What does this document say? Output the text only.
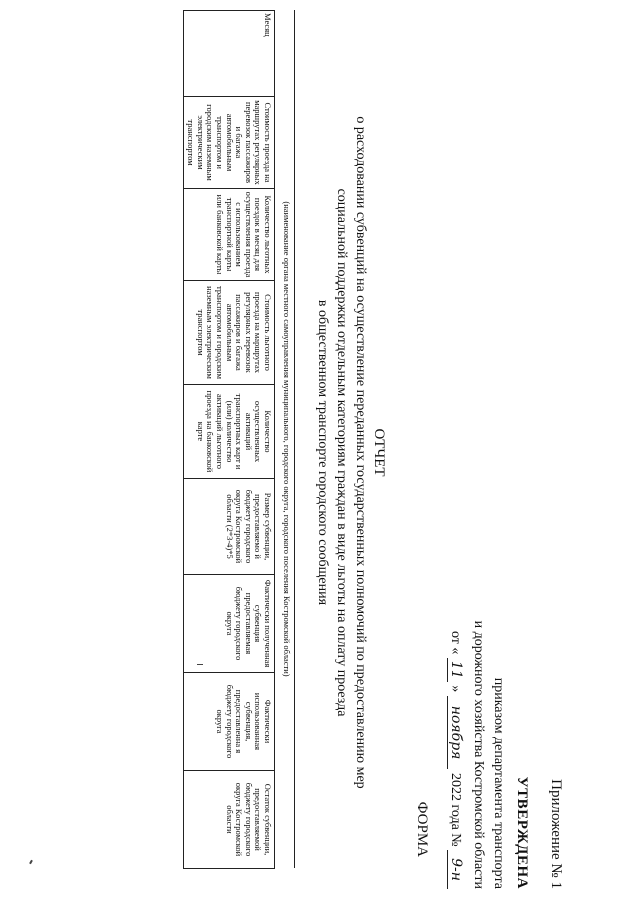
Приложение № 1
УТВЕРЖДЕНА
приказом департамента транспорта
и дорожного хозяйства Костромской области
от « 11 » ноября 2022 года № 9-н
ФОРМА
ОТЧЕТ
о расходовании субвенций на осуществление переданных государственных полномочий по предоставлению мер
социальной поддержки отдельным категориям граждан в виде льготы на оплату проезда
в общественном транспорте городского сообщения
(наименование органа местного самоуправления муниципального, городского округа, городского поселения Костромской области)
Месяц	Стоимость проезда на маршрутах регулярных перевозок пассажиров и багажа автомобильным транспортом и городским наземным электрическим транспортом	Количество льготных поездок в месяц для осуществления проезда с использованием транспортной карты или банковской карты	Стоимость льготного проезда на маршрутах регулярных перевозок пассажиров и багажа автомобильным транспортом и городским наземным электрическим транспортом	Количество осуществленных активаций транспортных карт и (или) количество активаций льготного проезда на банковской карте	Размер субвенции, предоставляемо й бюджету городского округа Костромской области (2*3-4)*5	Фактически полученная субвенция предоставляемая бюджету городского округа	Фактически использованная субвенция, предоставленна я бюджету городского округа	Остаток субвенции, предоставляемой бюджету городского округа Костромской области
